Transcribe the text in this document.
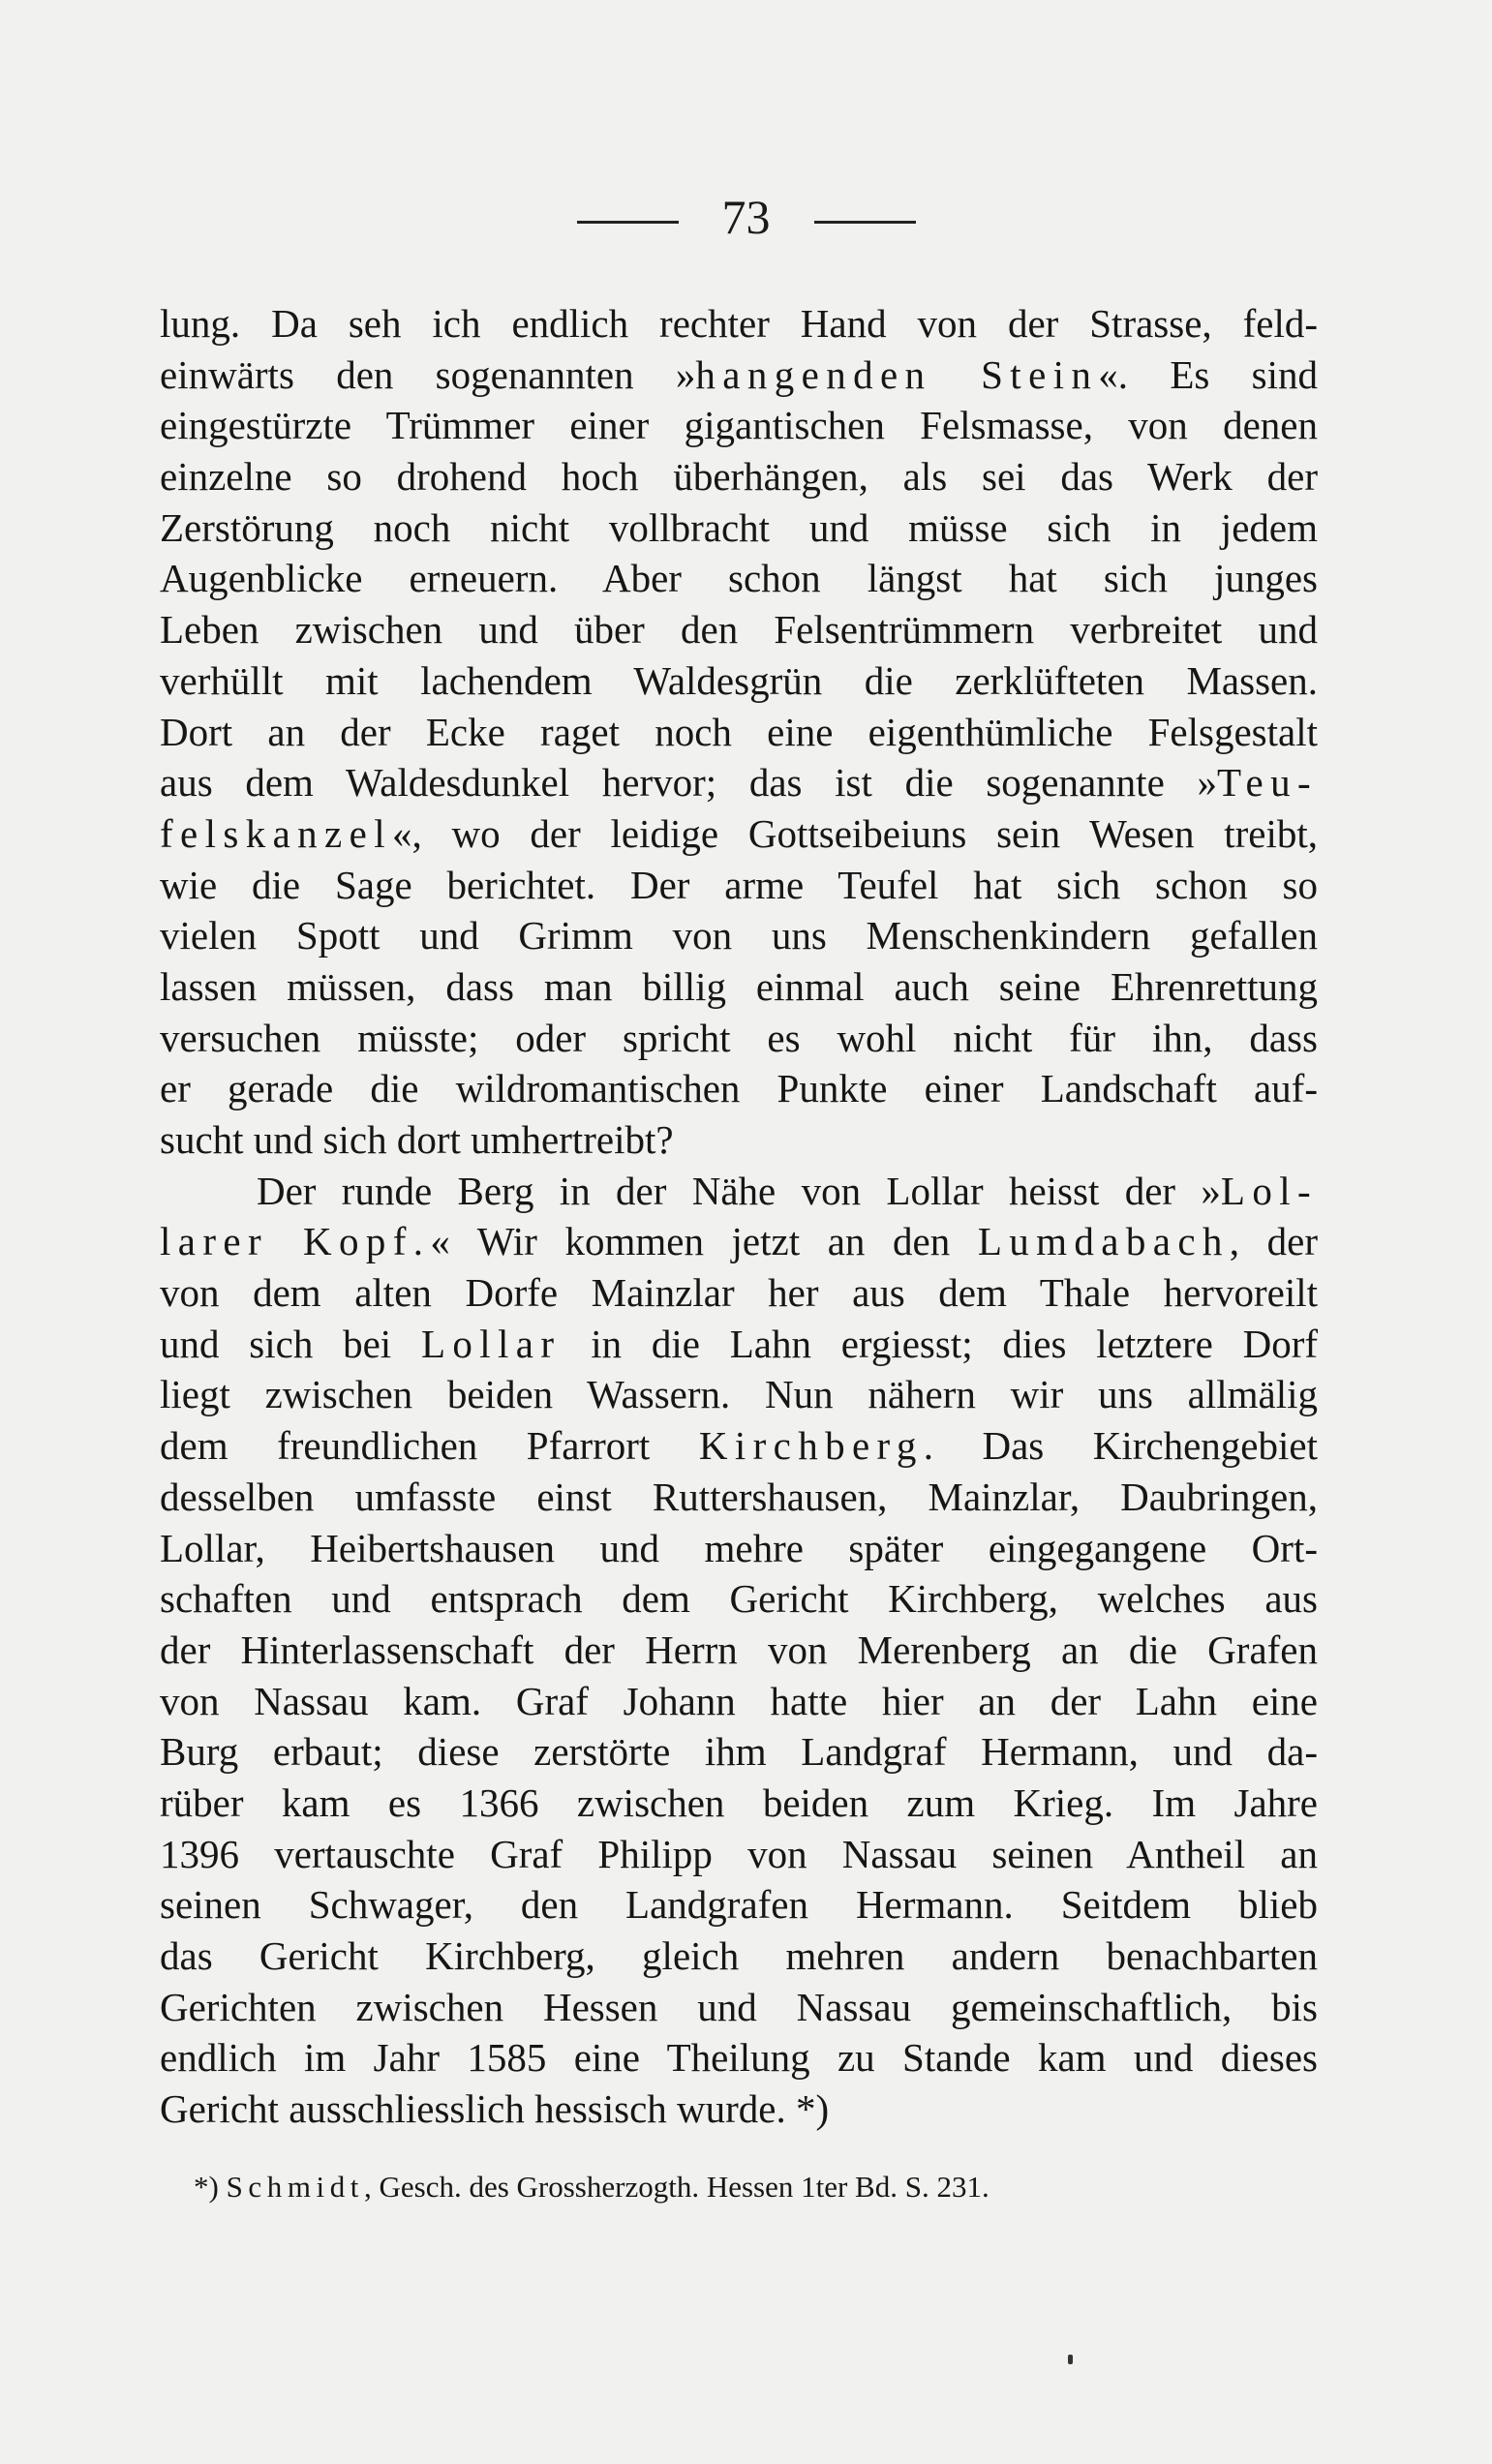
73
lung. Da seh ich endlich rechter Hand von der Strasse, feld-
einwärts den sogenannten »hangenden Stein«. Es sind
eingestürzte Trümmer einer gigantischen Felsmasse, von denen
einzelne so drohend hoch überhängen, als sei das Werk der
Zerstörung noch nicht vollbracht und müsse sich in jedem
Augenblicke erneuern. Aber schon längst hat sich junges
Leben zwischen und über den Felsentrümmern verbreitet und
verhüllt mit lachendem Waldesgrün die zerklüfteten Massen.
Dort an der Ecke raget noch eine eigenthümliche Felsgestalt
aus dem Waldesdunkel hervor; das ist die sogenannte »Teu-
felskanzel«, wo der leidige Gottseibeiuns sein Wesen treibt,
wie die Sage berichtet. Der arme Teufel hat sich schon so
vielen Spott und Grimm von uns Menschenkindern gefallen
lassen müssen, dass man billig einmal auch seine Ehrenrettung
versuchen müsste; oder spricht es wohl nicht für ihn, dass
er gerade die wildromantischen Punkte einer Landschaft auf-
sucht und sich dort umhertreibt?
Der runde Berg in der Nähe von Lollar heisst der »Lol-
larer Kopf.« Wir kommen jetzt an den Lumdabach, der
von dem alten Dorfe Mainzlar her aus dem Thale hervoreilt
und sich bei Lollar in die Lahn ergiesst; dies letztere Dorf
liegt zwischen beiden Wassern. Nun nähern wir uns allmälig
dem freundlichen Pfarrort Kirchberg. Das Kirchengebiet
desselben umfasste einst Ruttershausen, Mainzlar, Daubringen,
Lollar, Heibertshausen und mehre später eingegangene Ort-
schaften und entsprach dem Gericht Kirchberg, welches aus
der Hinterlassenschaft der Herrn von Merenberg an die Grafen
von Nassau kam. Graf Johann hatte hier an der Lahn eine
Burg erbaut; diese zerstörte ihm Landgraf Hermann, und da-
rüber kam es 1366 zwischen beiden zum Krieg. Im Jahre
1396 vertauschte Graf Philipp von Nassau seinen Antheil an
seinen Schwager, den Landgrafen Hermann. Seitdem blieb
das Gericht Kirchberg, gleich mehren andern benachbarten
Gerichten zwischen Hessen und Nassau gemeinschaftlich, bis
endlich im Jahr 1585 eine Theilung zu Stande kam und dieses
Gericht ausschliesslich hessisch wurde. *)
*) Schmidt, Gesch. des Grossherzogth. Hessen 1ter Bd. S. 231.
